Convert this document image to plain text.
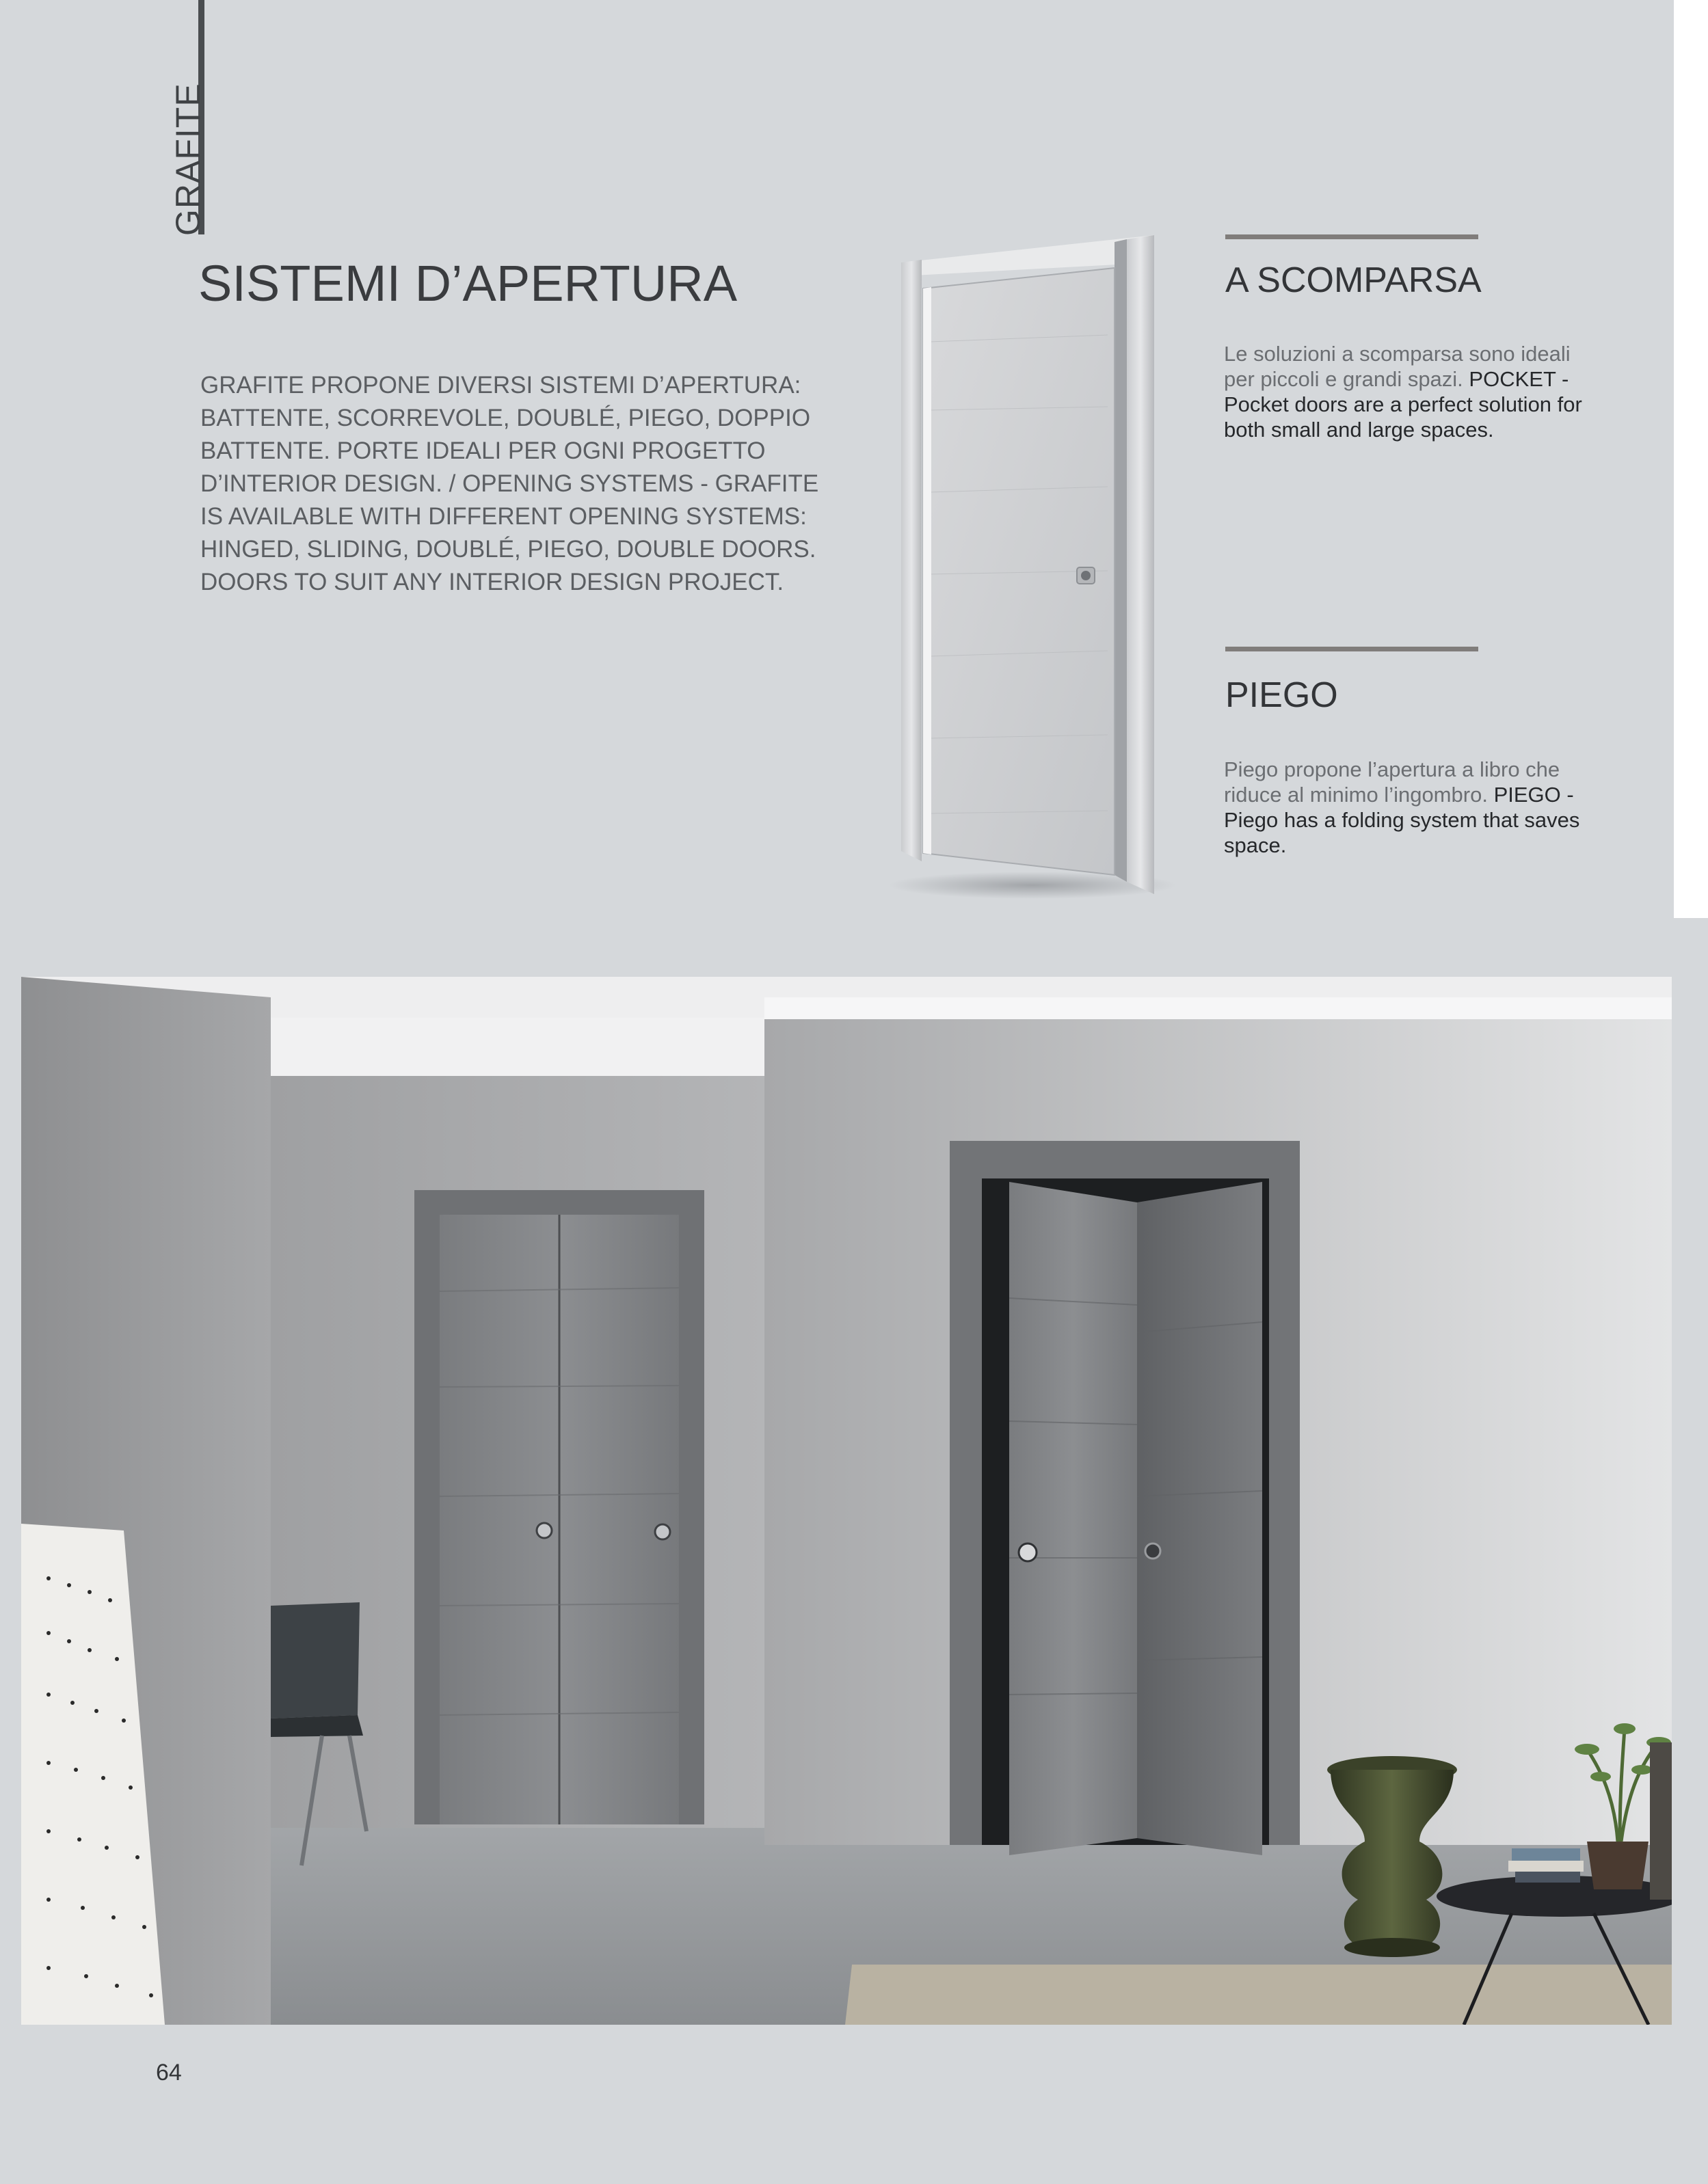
GRAFITE
SISTEMI D’APERTURA

GRAFITE PROPONE DIVERSI SISTEMI D’APERTURA: BATTENTE, SCORREVOLE, DOUBLÉ, PIEGO, DOPPIO BATTENTE. PORTE IDEALI PER OGNI PROGETTO D’INTERIOR DESIGN. / OPENING SYSTEMS - GRAFITE IS AVAILABLE WITH DIFFERENT OPENING SYSTEMS: HINGED, SLIDING, DOUBLÉ, PIEGO, DOUBLE DOORS. DOORS TO SUIT ANY INTERIOR DESIGN PROJECT.

A SCOMPARSA

Le soluzioni a scomparsa sono ideali per piccoli e grandi spazi. POCKET - Pocket doors are a perfect solution for both small and large spaces.

PIEGO

Piego propone l’apertura a libro che riduce al minimo l’ingombro. PIEGO - Piego has a folding system that saves space.

64
